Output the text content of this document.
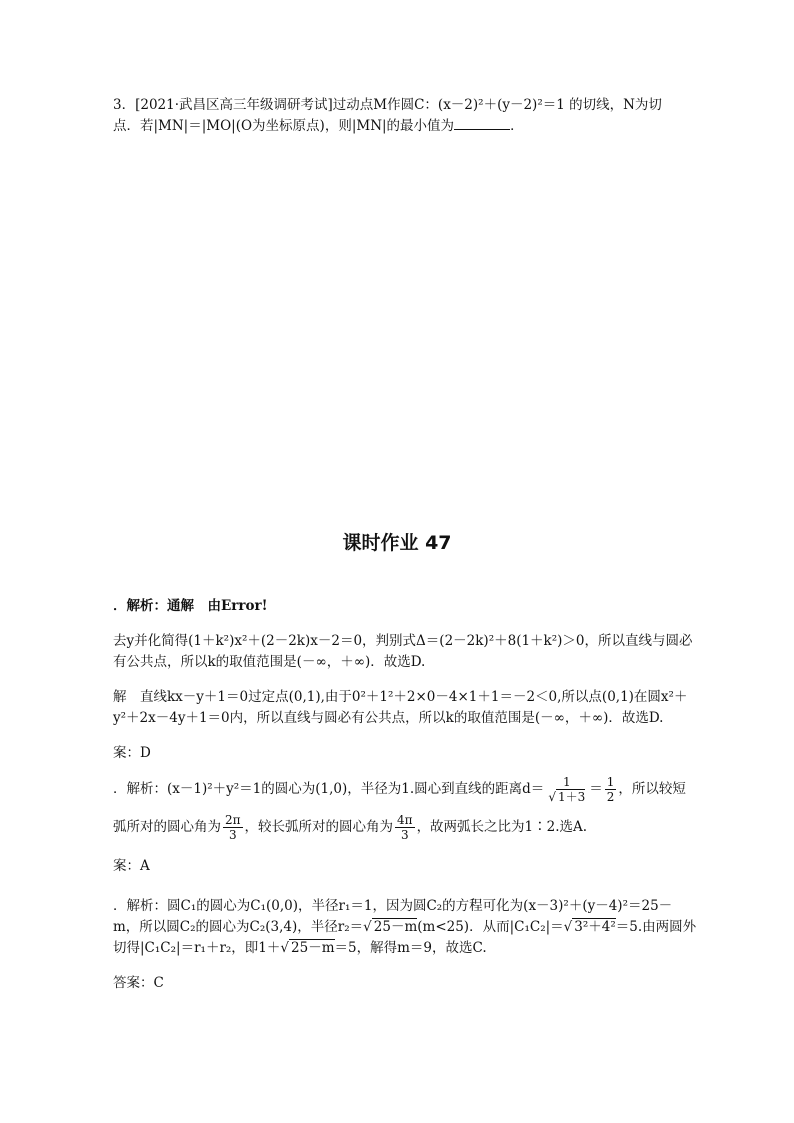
3．[2021·武昌区高三年级调研考试]过动点M作圆C：(x－2)²＋(y－2)²＝1 的切线，N为切
点．若|MN|＝|MO|(O为坐标原点)，则|MN|的最小值为	．
课时作业 47
．解析：通解　由Error!
去y并化简得(1＋k²)x²＋(2－2k)x－2＝0，判别式Δ＝(2－2k)²＋8(1＋k²)＞0，所以直线与圆必
有公共点，所以k的取值范围是(－∞，＋∞)．故选D.
解　直线kx－y＋1＝0过定点(0,1),由于0²＋1²＋2×0－4×1＋1＝－2＜0,所以点(0,1)在圆x²＋
y²＋2x－4y＋1＝0内，所以直线与圆必有公共点，所以k的取值范围是(－∞，＋∞)．故选D.
案：D
．解析：(x－1)²＋y²＝1的圆心为(1,0)，半径为1.圆心到直线的距离$d= \frac{1}{√ 1+3} = \frac{1}{2}$ ，所以较短
弧所对的圆心角为 $\frac{2\pi}{3}$ ，较长弧所对的圆心角为 $\frac{4\pi}{3}$ ，故两弧长之比为1∶2.选A.
案：A
．解析：圆C₁的圆心为C₁(0,0)，半径r₁＝1，因为圆C₂的方程可化为(x－3)²＋(y－4)²＝25－
m，所以圆C₂的圆心为C₂(3,4)，半径r₂＝√ 25－m(m<25)．从而|C₁C₂|＝√ 3²＋4²＝5.由两圆外
切得|C₁C₂|＝r₁＋r₂，即1＋√ 25－m＝5，解得m＝9，故选C.
答案：C
